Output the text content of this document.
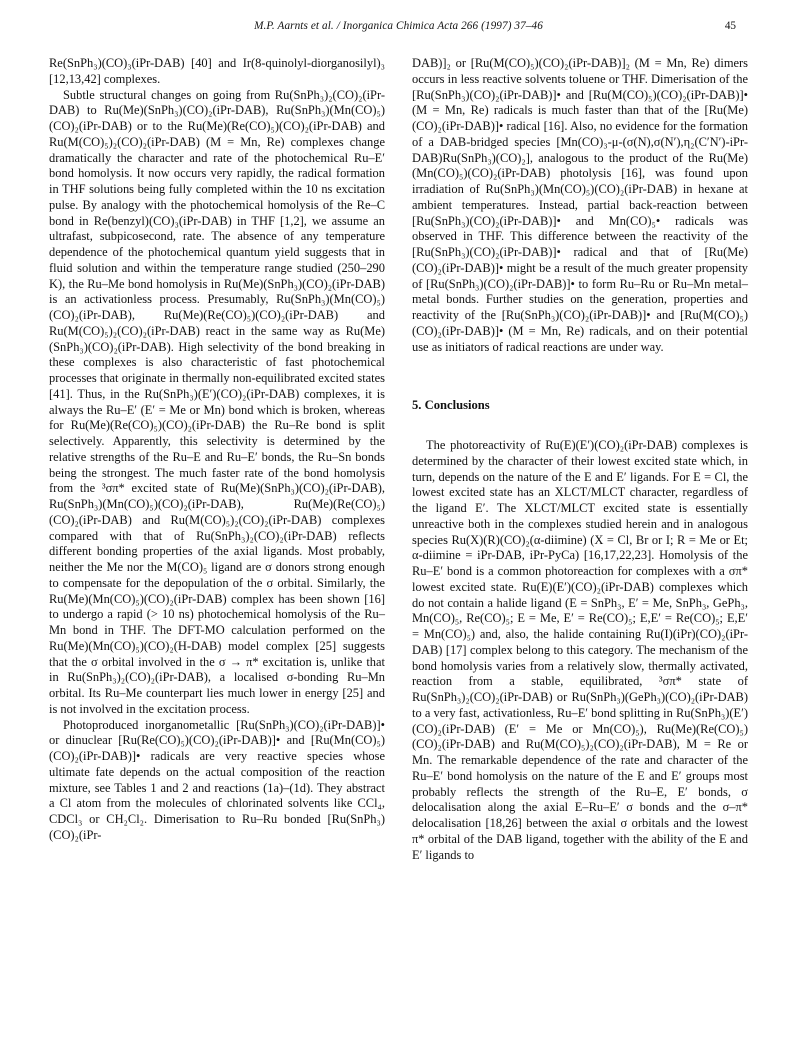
M.P. Aarnts et al. / Inorganica Chimica Acta 266 (1997) 37–46	45

Re(SnPh₃)(CO)₃(iPr-DAB) [40] and Ir(8-quinolyl-diorganosilyl)₃ [12,13,42] complexes.

Subtle structural changes on going from Ru(SnPh₃)₂(CO)₂(iPr-DAB) to Ru(Me)(SnPh₃)(CO)₂(iPr-DAB), Ru(SnPh₃)(Mn(CO)₅)(CO)₂(iPr-DAB) or to the Ru(Me)(Re(CO)₅)(CO)₂(iPr-DAB) and Ru(M(CO)₅)₂(CO)₂(iPr-DAB) (M = Mn, Re) complexes change dramatically the character and rate of the photochemical Ru–E′ bond homolysis. It now occurs very rapidly, the radical formation in THF solutions being fully completed within the 10 ns excitation pulse. By analogy with the photochemical homolysis of the Re–C bond in Re(benzyl)(CO)₃(iPr-DAB) in THF [1,2], we assume an ultrafast, subpicosecond, rate. The absence of any temperature dependence of the photochemical quantum yield suggests that in fluid solution and within the temperature range studied (250–290 K), the Ru–Me bond homolysis in Ru(Me)(SnPh₃)(CO)₂(iPr-DAB) is an activationless process. Presumably, Ru(SnPh₃)(Mn(CO)₅)(CO)₂(iPr-DAB), Ru(Me)(Re(CO)₅)(CO)₂(iPr-DAB) and Ru(M(CO)₅)₂(CO)₂(iPr-DAB) react in the same way as Ru(Me)(SnPh₃)(CO)₂(iPr-DAB). High selectivity of the bond breaking in these complexes is also characteristic of fast photochemical processes that originate in thermally non-equilibrated excited states [41]. Thus, in the Ru(SnPh₃)(E′)(CO)₂(iPr-DAB) complexes, it is always the Ru–E′ (E′ = Me or Mn) bond which is broken, whereas for Ru(Me)(Re(CO)₅)(CO)₂(iPr-DAB) the Ru–Re bond is split selectively. Apparently, this selectivity is determined by the relative strengths of the Ru–E and Ru–E′ bonds, the Ru–Sn bonds being the strongest. The much faster rate of the bond homolysis from the ³σπ* excited state of Ru(Me)(SnPh₃)(CO)₂(iPr-DAB), Ru(SnPh₃)(Mn(CO)₅)(CO)₂(iPr-DAB), Ru(Me)(Re(CO)₅)(CO)₂(iPr-DAB) and Ru(M(CO)₅)₂(CO)₂(iPr-DAB) complexes compared with that of Ru(SnPh₃)₂(CO)₂(iPr-DAB) reflects different bonding properties of the axial ligands. Most probably, neither the Me nor the M(CO)₅ ligand are σ donors strong enough to compensate for the depopulation of the σ orbital. Similarly, the Ru(Me)(Mn(CO)₅)(CO)₂(iPr-DAB) complex has been shown [16] to undergo a rapid (> 10 ns) photochemical homolysis of the Ru–Mn bond in THF. The DFT-MO calculation performed on the Ru(Me)(Mn(CO)₅)(CO)₂(H-DAB) model complex [25] suggests that the σ orbital involved in the σ → π* excitation is, unlike that in Ru(SnPh₃)₂(CO)₂(iPr-DAB), a localised σ-bonding Ru–Mn orbital. Its Ru–Me counterpart lies much lower in energy [25] and is not involved in the excitation process.

Photoproduced inorganometallic [Ru(SnPh₃)(CO)₂(iPr-DAB)]• or dinuclear [Ru(Re(CO)₅)(CO)₂(iPr-DAB)]• and [Ru(Mn(CO)₅)(CO)₂(iPr-DAB)]• radicals are very reactive species whose ultimate fate depends on the actual composition of the reaction mixture, see Tables 1 and 2 and reactions (1a)–(1d). They abstract a Cl atom from the molecules of chlorinated solvents like CCl₄, CDCl₃ or CH₂Cl₂. Dimerisation to Ru–Ru bonded [Ru(SnPh₃)(CO)₂(iPr-

DAB)]₂ or [Ru(M(CO)₅)(CO)₂(iPr-DAB)]₂ (M = Mn, Re) dimers occurs in less reactive solvents toluene or THF. Dimerisation of the [Ru(SnPh₃)(CO)₂(iPr-DAB)]• and [Ru(M(CO)₅)(CO)₂(iPr-DAB)]• (M = Mn, Re) radicals is much faster than that of the [Ru(Me)(CO)₂(iPr-DAB)]• radical [16]. Also, no evidence for the formation of a DAB-bridged species [Mn(CO)₃-μ-(σ(N),σ(N′),η₂(C′N′)-iPr-DAB)Ru(SnPh₃)(CO)₂], analogous to the product of the Ru(Me)(Mn(CO)₅)(CO)₂(iPr-DAB) photolysis [16], was found upon irradiation of Ru(SnPh₃)(Mn(CO)₅)(CO)₂(iPr-DAB) in hexane at ambient temperatures. Instead, partial back-reaction between [Ru(SnPh₃)(CO)₂(iPr-DAB)]• and Mn(CO)₅• radicals was observed in THF. This difference between the reactivity of the [Ru(SnPh₃)(CO)₂(iPr-DAB)]• radical and that of [Ru(Me)(CO)₂(iPr-DAB)]• might be a result of the much greater propensity of [Ru(SnPh₃)(CO)₂(iPr-DAB)]• to form Ru–Ru or Ru–Mn metal–metal bonds. Further studies on the generation, properties and reactivity of the [Ru(SnPh₃)(CO)₂(iPr-DAB)]• and [Ru(M(CO)₅)(CO)₂(iPr-DAB)]• (M = Mn, Re) radicals, and on their potential use as initiators of radical reactions are under way.

5. Conclusions

The photoreactivity of Ru(E)(E′)(CO)₂(iPr-DAB) complexes is determined by the character of their lowest excited state which, in turn, depends on the nature of the E and E′ ligands. For E = Cl, the lowest excited state has an XLCT/MLCT character, regardless of the ligand E′. The XLCT/MLCT excited state is essentially unreactive both in the complexes studied herein and in analogous species Ru(X)(R)(CO)₂(α-diimine) (X = Cl, Br or I; R = Me or Et; α-diimine = iPr-DAB, iPr-PyCa) [16,17,22,23]. Homolysis of the Ru–E′ bond is a common photoreaction for complexes with a σπ* lowest excited state. Ru(E)(E′)(CO)₂(iPr-DAB) complexes which do not contain a halide ligand (E = SnPh₃, E′ = Me, SnPh₃, GePh₃, Mn(CO)₅, Re(CO)₅; E = Me, E′ = Re(CO)₅; E,E′ = Re(CO)₅; E,E′ = Mn(CO)₅) and, also, the halide containing Ru(I)(iPr)(CO)₂(iPr-DAB) [17] complex belong to this category. The mechanism of the bond homolysis varies from a relatively slow, thermally activated, reaction from a stable, equilibrated, ³σπ* state of Ru(SnPh₃)₂(CO)₂(iPr-DAB) or Ru(SnPh₃)(GePh₃)(CO)₂(iPr-DAB) to a very fast, activationless, Ru–E′ bond splitting in Ru(SnPh₃)(E′)(CO)₂(iPr-DAB) (E′ = Me or Mn(CO)₅), Ru(Me)(Re(CO)₅)(CO)₂(iPr-DAB) and Ru(M(CO)₅)₂(CO)₂(iPr-DAB), M = Re or Mn. The remarkable dependence of the rate and character of the Ru–E′ bond homolysis on the nature of the E and E′ groups most probably reflects the strength of the Ru–E, E′ bonds, σ delocalisation along the axial E–Ru–E′ σ bonds and the σ–π* delocalisation [18,26] between the axial σ orbitals and the lowest π* orbital of the DAB ligand, together with the ability of the E and E′ ligands to
